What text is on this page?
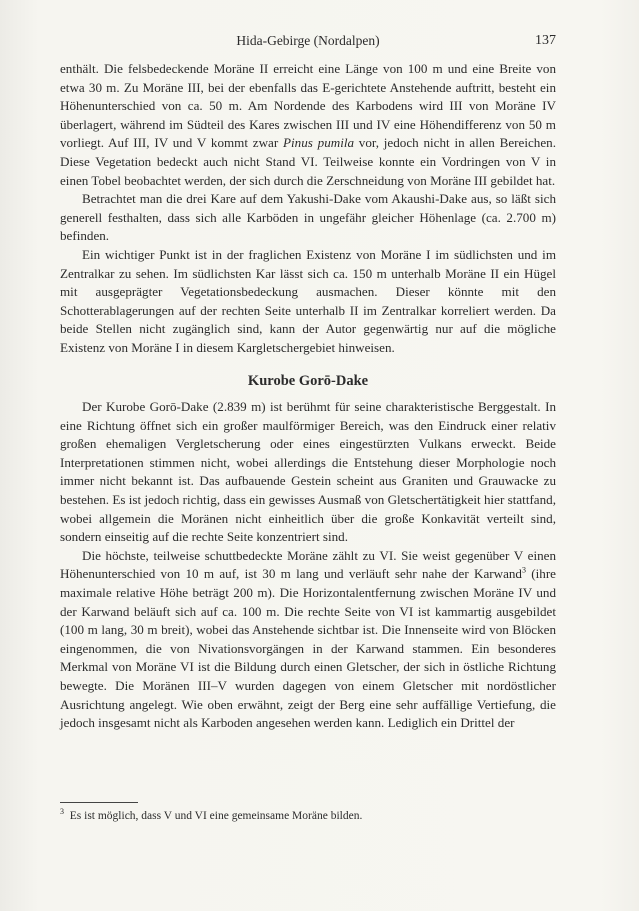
Hida-Gebirge (Nordalpen)	137

enthält. Die felsbedeckende Moräne II erreicht eine Länge von 100 m und eine Breite von etwa 30 m. Zu Moräne III, bei der ebenfalls das E-gerichtete Anstehende auftritt, besteht ein Höhenunterschied von ca. 50 m. Am Nordende des Karbodens wird III von Moräne IV überlagert, während im Südteil des Kares zwischen III und IV eine Höhendifferenz von 50 m vorliegt. Auf III, IV und V kommt zwar Pinus pumila vor, jedoch nicht in allen Bereichen. Diese Vegetation bedeckt auch nicht Stand VI. Teilweise konnte ein Vordringen von V in einen Tobel beobachtet werden, der sich durch die Zerschneidung von Moräne III gebildet hat.

Betrachtet man die drei Kare auf dem Yakushi-Dake vom Akaushi-Dake aus, so läßt sich generell festhalten, dass sich alle Karböden in ungefähr gleicher Höhenlage (ca. 2.700 m) befinden.

Ein wichtiger Punkt ist in der fraglichen Existenz von Moräne I im südlichsten und im Zentralkar zu sehen. Im südlichsten Kar lässt sich ca. 150 m unterhalb Moräne II ein Hügel mit ausgeprägter Vegetationsbedeckung ausmachen. Dieser könnte mit den Schotterablagerungen auf der rechten Seite unterhalb II im Zentralkar korreliert werden. Da beide Stellen nicht zugänglich sind, kann der Autor gegenwärtig nur auf die mögliche Existenz von Moräne I in diesem Kargletschergebiet hinweisen.

Kurobe Gorō-Dake

Der Kurobe Gorō-Dake (2.839 m) ist berühmt für seine charakteristische Berggestalt. In eine Richtung öffnet sich ein großer maulförmiger Bereich, was den Eindruck einer relativ großen ehemaligen Vergletscherung oder eines eingestürzten Vulkans erweckt. Beide Interpretationen stimmen nicht, wobei allerdings die Entstehung dieser Morphologie noch immer nicht bekannt ist. Das aufbauende Gestein scheint aus Graniten und Grauwacke zu bestehen. Es ist jedoch richtig, dass ein gewisses Ausmaß von Gletschertätigkeit hier stattfand, wobei allgemein die Moränen nicht einheitlich über die große Konkavität verteilt sind, sondern einseitig auf die rechte Seite konzentriert sind.

Die höchste, teilweise schuttbedeckte Moräne zählt zu VI. Sie weist gegenüber V einen Höhenunterschied von 10 m auf, ist 30 m lang und verläuft sehr nahe der Karwand$^3$ (ihre maximale relative Höhe beträgt 200 m). Die Horizontalentfernung zwischen Moräne IV und der Karwand beläuft sich auf ca. 100 m. Die rechte Seite von VI ist kammartig ausgebildet (100 m lang, 30 m breit), wobei das Anstehende sichtbar ist. Die Innenseite wird von Blöcken eingenommen, die von Nivationsvorgängen in der Karwand stammen. Ein besonderes Merkmal von Moräne VI ist die Bildung durch einen Gletscher, der sich in östliche Richtung bewegte. Die Moränen III–V wurden dagegen von einem Gletscher mit nordöstlicher Ausrichtung angelegt. Wie oben erwähnt, zeigt der Berg eine sehr auffällige Vertiefung, die jedoch insgesamt nicht als Karboden angesehen werden kann. Lediglich ein Drittel der

$^3$ Es ist möglich, dass V und VI eine gemeinsame Moräne bilden.
